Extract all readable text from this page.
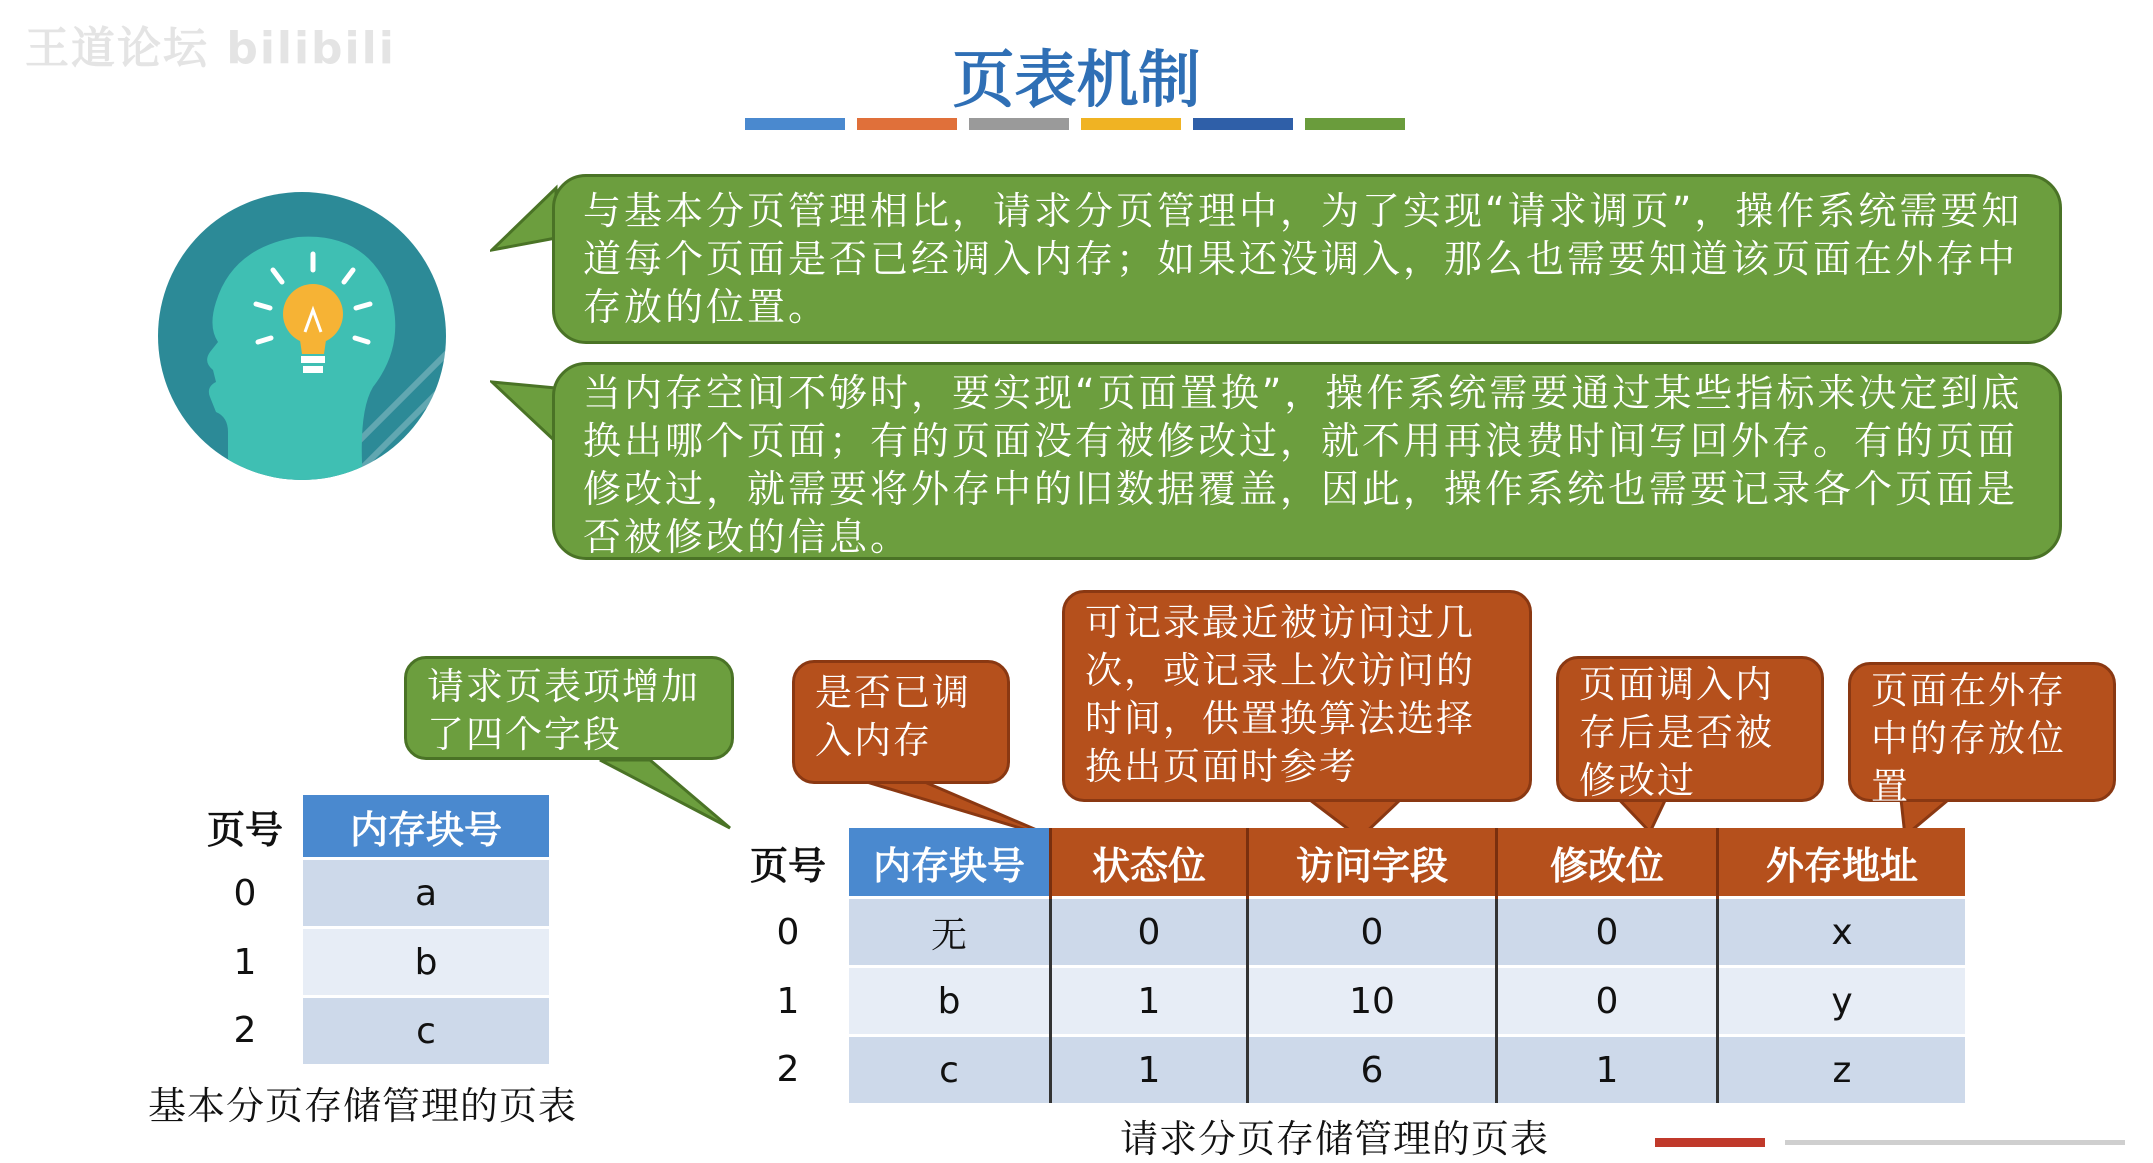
王道论坛 bilibili	页表机制
与基本分页管理相比，请求分页管理中，为了实现“请求调页”，操作系统需要知道每个页面是否已经调入内存；如果还没调入，那么也需要知道该页面在外存中存放的位置。
当内存空间不够时，要实现“页面置换”，操作系统需要通过某些指标来决定到底换出哪个页面；有的页面没有被修改过，就不用再浪费时间写回外存。有的页面修改过，就需要将外存中的旧数据覆盖，因此，操作系统也需要记录各个页面是否被修改的信息。
请求页表项增加了四个字段
是否已调入内存
可记录最近被访问过几次，或记录上次访问的时间，供置换算法选择换出页面时参考
页面调入内存后是否被修改过
页面在外存中的存放位置
页号	内存块号
0	a
1	b
2	c
基本分页存储管理的页表
页号	内存块号	状态位	访问字段	修改位	外存地址
0	无	0	0	0	x
1	b	1	10	0	y
2	c	1	6	1	z
请求分页存储管理的页表
